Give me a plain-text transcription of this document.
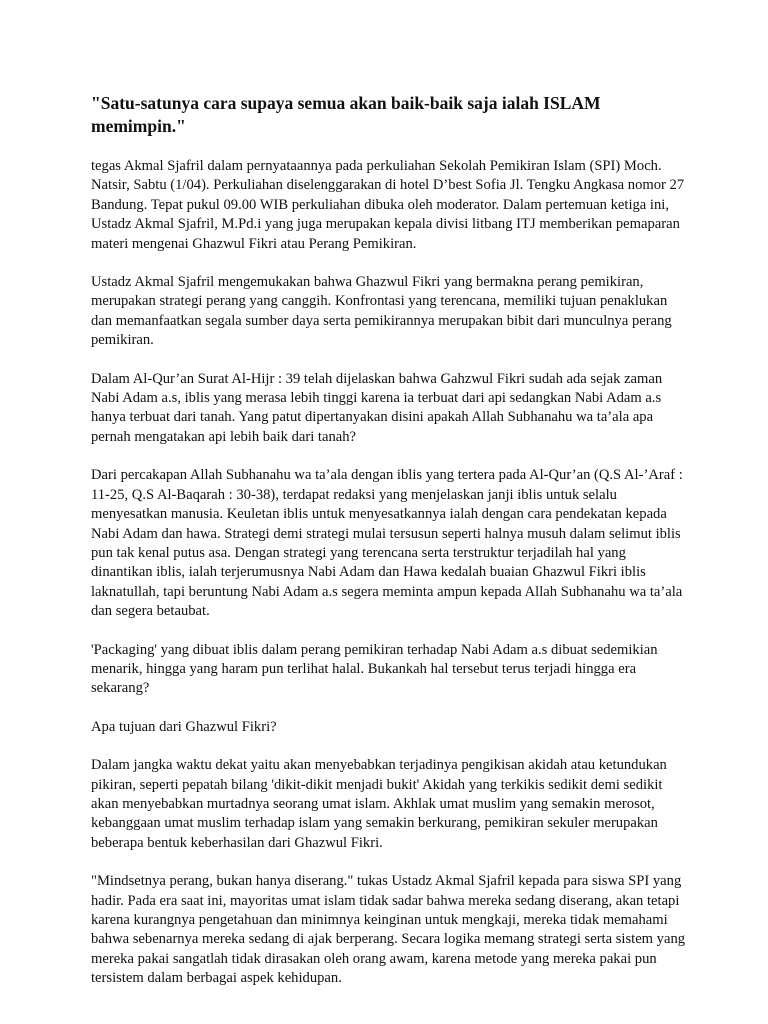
"Satu-satunya cara supaya semua akan baik-baik saja ialah ISLAM memimpin."

tegas Akmal Sjafril dalam pernyataannya pada perkuliahan Sekolah Pemikiran Islam (SPI) Moch. Natsir, Sabtu (1/04). Perkuliahan diselenggarakan di hotel D’best Sofia Jl. Tengku Angkasa nomor 27 Bandung. Tepat pukul 09.00 WIB perkuliahan dibuka oleh moderator. Dalam pertemuan ketiga ini, Ustadz Akmal Sjafril, M.Pd.i yang juga merupakan kepala divisi litbang ITJ memberikan pemaparan materi mengenai Ghazwul Fikri atau Perang Pemikiran.

Ustadz Akmal Sjafril mengemukakan bahwa Ghazwul Fikri yang bermakna perang pemikiran, merupakan strategi perang yang canggih. Konfrontasi yang terencana, memiliki tujuan penaklukan dan memanfaatkan segala sumber daya serta pemikirannya merupakan bibit dari munculnya perang pemikiran.

Dalam Al-Qur’an Surat Al-Hijr : 39 telah dijelaskan bahwa Gahzwul Fikri sudah ada sejak zaman Nabi Adam a.s, iblis yang merasa lebih tinggi karena ia terbuat dari api sedangkan Nabi Adam a.s hanya terbuat dari tanah. Yang patut dipertanyakan disini apakah Allah Subhanahu wa ta’ala apa pernah mengatakan api lebih baik dari tanah?

Dari percakapan Allah Subhanahu wa ta’ala dengan iblis yang tertera pada Al-Qur’an (Q.S Al-’Araf : 11-25, Q.S Al-Baqarah : 30-38), terdapat redaksi yang menjelaskan janji iblis untuk selalu menyesatkan manusia. Keuletan iblis untuk menyesatkannya ialah dengan cara pendekatan kepada Nabi Adam dan hawa. Strategi demi strategi mulai tersusun seperti halnya musuh dalam selimut iblis pun tak kenal putus asa. Dengan strategi yang terencana serta terstruktur terjadilah hal yang dinantikan iblis, ialah terjerumusnya Nabi Adam dan Hawa kedalah buaian Ghazwul Fikri iblis laknatullah, tapi beruntung Nabi Adam a.s segera meminta ampun kepada Allah Subhanahu wa ta’ala dan segera betaubat.

'Packaging' yang dibuat iblis dalam perang pemikiran terhadap Nabi Adam a.s dibuat sedemikian menarik, hingga yang haram pun terlihat halal. Bukankah hal tersebut terus terjadi hingga era sekarang?

Apa tujuan dari Ghazwul Fikri?

Dalam jangka waktu dekat yaitu akan menyebabkan terjadinya pengikisan akidah atau ketundukan pikiran, seperti pepatah bilang 'dikit-dikit menjadi bukit' Akidah yang terkikis sedikit demi sedikit akan menyebabkan murtadnya seorang umat islam. Akhlak umat muslim yang semakin merosot, kebanggaan umat muslim terhadap islam yang semakin berkurang, pemikiran sekuler merupakan beberapa bentuk keberhasilan dari Ghazwul Fikri.

"Mindsetnya perang, bukan hanya diserang." tukas Ustadz Akmal Sjafril kepada para siswa SPI yang hadir. Pada era saat ini, mayoritas umat islam tidak sadar bahwa mereka sedang diserang, akan tetapi karena kurangnya pengetahuan dan minimnya keinginan untuk mengkaji, mereka tidak memahami bahwa sebenarnya mereka sedang di ajak berperang. Secara logika memang strategi serta sistem yang mereka pakai sangatlah tidak dirasakan oleh orang awam, karena metode yang mereka pakai pun tersistem dalam berbagai aspek kehidupan.
